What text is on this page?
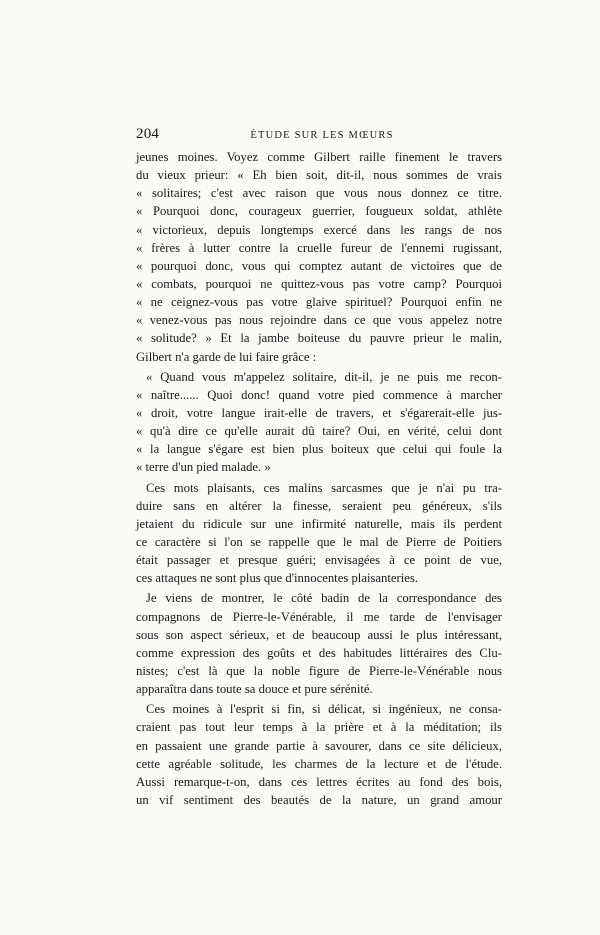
204	ÉTUDE SUR LES MŒURS
jeunes moines. Voyez comme Gilbert raille finement le travers
du vieux prieur: « Eh bien soit, dit-il, nous sommes de vrais
« solitaires; c'est avec raison que vous nous donnez ce titre.
« Pourquoi donc, courageux guerrier, fougueux soldat, athlète
« victorieux, depuis longtemps exercé dans les rangs de nos
« frères à lutter contre la cruelle fureur de l'ennemi rugissant,
« pourquoi donc, vous qui comptez autant de victoires que de
« combats, pourquoi ne quittez-vous pas votre camp? Pourquoi
« ne ceignez-vous pas votre glaive spirituel? Pourquoi enfin ne
« venez-vous pas nous rejoindre dans ce que vous appelez notre
« solitude? » Et la jambe boiteuse du pauvre prieur le malin,
Gilbert n'a garde de lui faire grâce :
« Quand vous m'appelez solitaire, dit-il, je ne puis me recon-
« naître...... Quoi donc! quand votre pied commence à marcher
« droit, votre langue irait-elle de travers, et s'égarerait-elle jus-
« qu'à dire ce qu'elle aurait dû taire? Oui, en vérité, celui dont
« la langue s'égare est bien plus boiteux que celui qui foule la
« terre d'un pied malade. »
Ces mots plaisants, ces malins sarcasmes que je n'ai pu tra-
duire sans en altérer la finesse, seraient peu généreux, s'ils
jetaient du ridicule sur une infirmité naturelle, mais ils perdent
ce caractère si l'on se rappelle que le mal de Pierre de Poitiers
était passager et presque guéri; envisagées à ce point de vue,
ces attaques ne sont plus que d'innocentes plaisanteries.
Je viens de montrer, le côté badin de la correspondance des
compagnons de Pierre-le-Vénérable, il me tarde de l'envisager
sous son aspect sérieux, et de beaucoup aussi le plus intéressant,
comme expression des goûts et des habitudes littéraires des Clu-
nistes; c'est là que la noble figure de Pierre-le-Vénérable nous
apparaîtra dans toute sa douce et pure sérénité.
Ces moines à l'esprit si fin, si délicat, si ingénieux, ne consa-
craient pas tout leur temps à la prière et à la méditation; ils
en passaient une grande partie à savourer, dans ce site délicieux,
cette agréable solitude, les charmes de la lecture et de l'étude.
Aussi remarque-t-on, dans ces lettres écrites au fond des bois,
un vif sentiment des beautés de la nature, un grand amour
